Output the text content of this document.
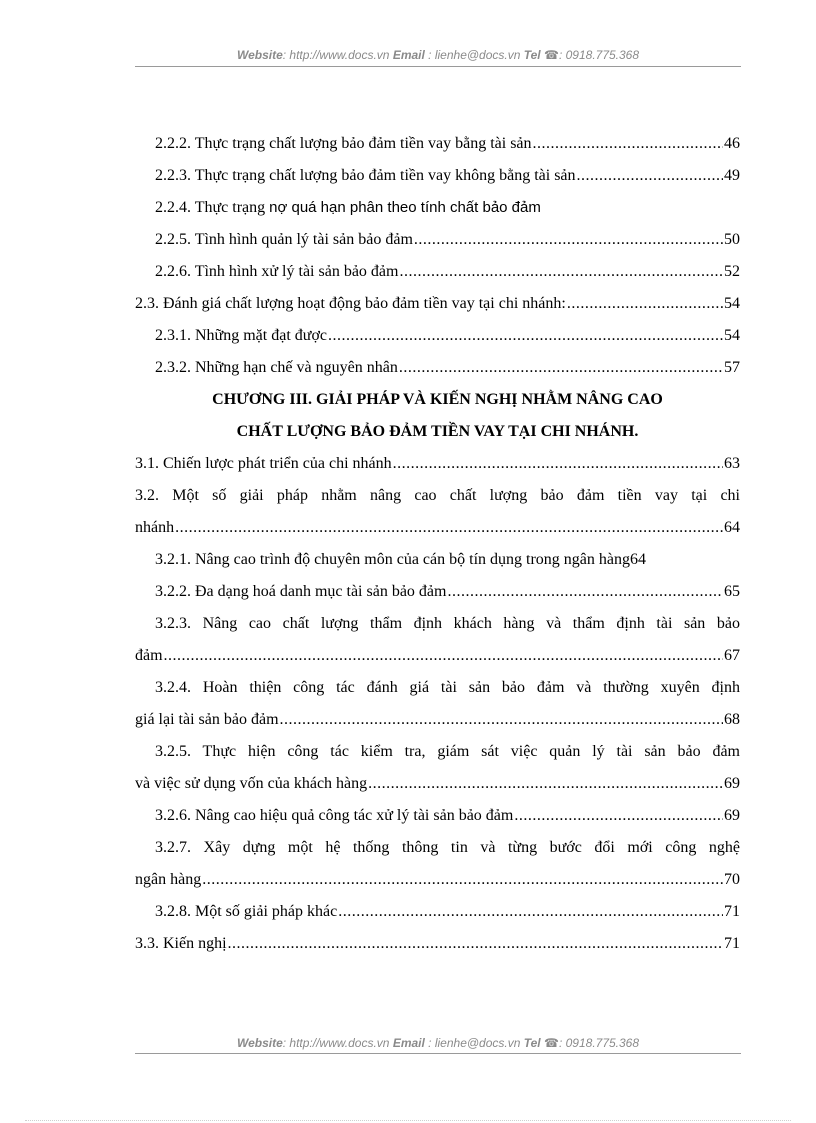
Website: http://www.docs.vn Email : lienhe@docs.vn Tel ☎: 0918.775.368
2.2.2. Thực trạng chất lượng bảo đảm tiền vay bằng tài sản .....	46
2.2.3. Thực trạng chất lượng bảo đảm tiền vay không bằng tài sản .....	49
2.2.4. Thực trạng nợ quá hạn phân theo tính chất bảo đảm
2.2.5. Tình hình quản lý tài sản bảo đảm .....	50
2.2.6. Tình hình xử lý tài sản bảo đảm .....	52
2.3. Đánh giá chất lượng hoạt động bảo đảm tiền vay tại chi nhánh: .....	54
2.3.1. Những mặt đạt được .....	54
2.3.2. Những hạn chế và nguyên nhân .....	57
CHƯƠNG III. GIẢI PHÁP VÀ KIẾN NGHỊ NHẰM NÂNG CAO
CHẤT LƯỢNG BẢO ĐẢM TIỀN VAY TẠI CHI NHÁNH.
3.1. Chiến lược phát triển của chi nhánh .....	63
3.2. Một số giải pháp nhằm nâng cao chất lượng bảo đảm tiền vay tại chi
nhánh .....	64
3.2.1. Nâng cao trình độ chuyên môn của cán bộ tín dụng trong ngân hàng64
3.2.2. Đa dạng hoá danh mục tài sản bảo đảm .....	65
3.2.3. Nâng cao chất lượng thẩm định khách hàng và thẩm định tài sản bảo
đảm .....	67
3.2.4. Hoàn thiện công tác đánh giá tài sản bảo đảm và thường xuyên định
giá lại tài sản bảo đảm .....	68
3.2.5. Thực hiện công tác kiểm tra, giám sát việc quản lý tài sản bảo đảm
và việc sử dụng vốn của khách hàng .....	69
3.2.6. Nâng cao hiệu quả công tác xử lý tài sản bảo đảm .....	69
3.2.7. Xây dựng một hệ thống thông tin và từng bước đổi mới công nghệ
ngân hàng .....	70
3.2.8. Một số giải pháp khác .....	71
3.3. Kiến nghị .....	71
Website: http://www.docs.vn Email : lienhe@docs.vn Tel ☎: 0918.775.368
